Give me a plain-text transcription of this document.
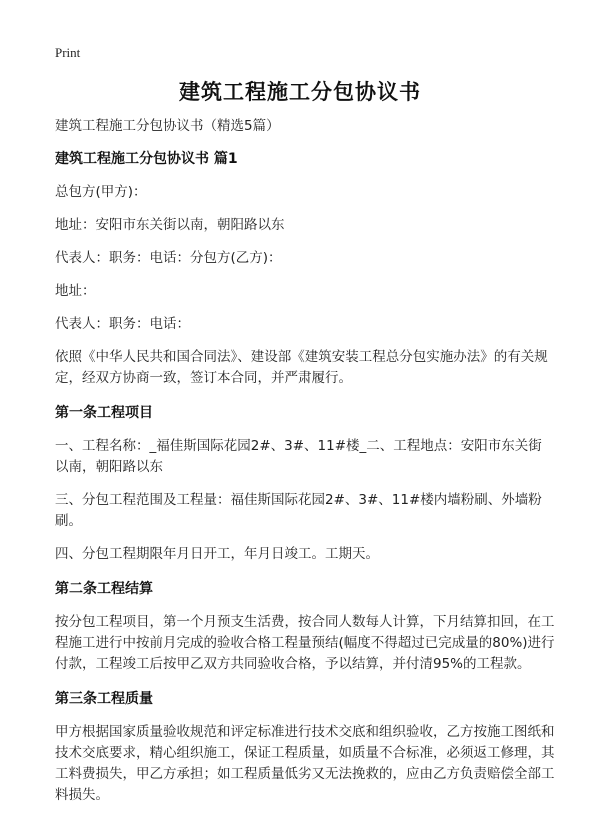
Print
建筑工程施工分包协议书

建筑工程施工分包协议书（精选5篇）

建筑工程施工分包协议书 篇1

总包方(甲方)：

地址：安阳市东关街以南，朝阳路以东

代表人：职务：电话：分包方(乙方)：

地址：

代表人：职务：电话：

依照《中华人民共和国合同法》、建设部《建筑安装工程总分包实施办法》的有关规定，经双方协商一致，签订本合同，并严肃履行。

第一条工程项目

一、工程名称：_福佳斯国际花园2#、3#、11#楼_二、工程地点：安阳市东关街以南，朝阳路以东

三、分包工程范围及工程量：福佳斯国际花园2#、3#、11#楼内墙粉刷、外墙粉刷。

四、分包工程期限年月日开工，年月日竣工。工期天。

第二条工程结算

按分包工程项目，第一个月预支生活费，按合同人数每人计算，下月结算扣回，在工程施工进行中按前月完成的验收合格工程量预结(幅度不得超过已完成量的80%)进行付款，工程竣工后按甲乙双方共同验收合格，予以结算，并付清95%的工程款。

第三条工程质量

甲方根据国家质量验收规范和评定标准进行技术交底和组织验收，乙方按施工图纸和技术交底要求，精心组织施工，保证工程质量，如质量不合标准，必须返工修理，其工料费损失，甲乙方承担；如工程质量低劣又无法挽救的，应由乙方负责赔偿全部工料损失。
